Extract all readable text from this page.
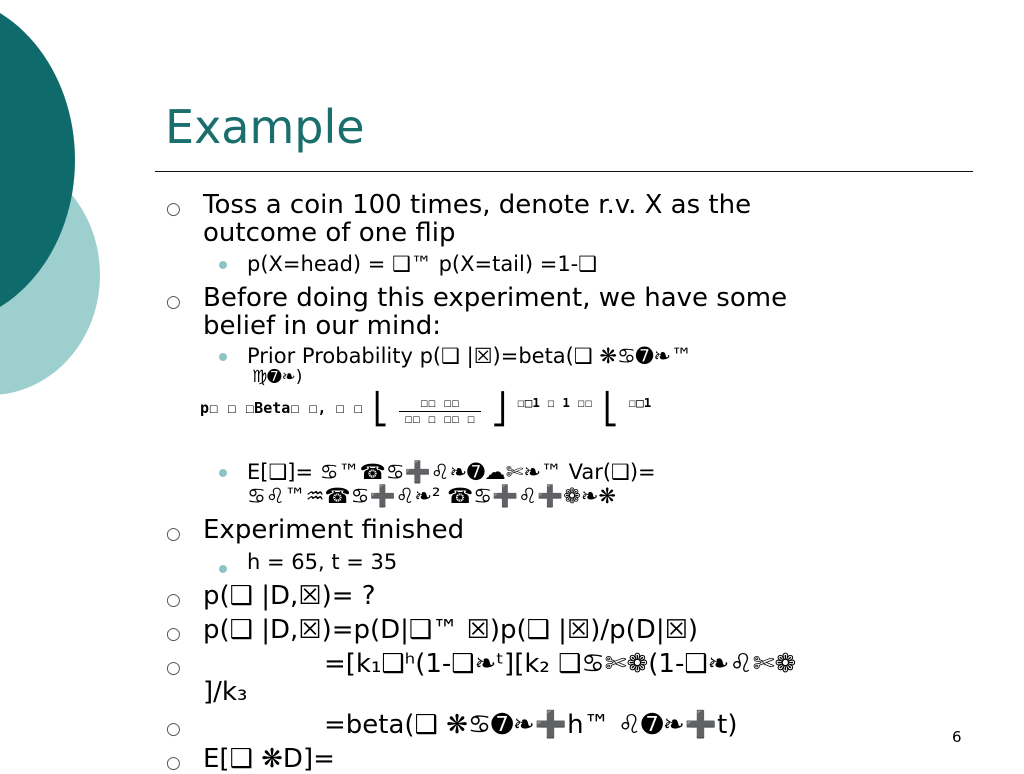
Example
○ Toss a coin 100 times, denote r.v. X as the
outcome of one flip
p(X=head) = ❑™ p(X=tail) =1-❑
○ Before doing this experiment, we have some
belief in our mind:
Prior Probability p(❑ |☒)=beta(❑ ❋♋➐❧™
♍➐❧)
p☐ ☐ ☐Beta☐ ☐, ☐ ☐ ⎣	☐☐ ☐☐
☐☐ ☐ ☐☐ ☐ ⎦ $^{☐□1 ☐ 1 ☐☐}$ ⎣ $^{☐□1}$
E[❑]= ♋™☎♋➕♌❧➐☁✄❧™ Var(❑)=
♋♌™♒☎♋➕♌❧² ☎♋➕♌➕❁❧❋
○ Experiment finished
h = 65, t = 35
○ p(❑ |D,☒)= ?
○ p(❑ |D,☒)=p(D|❑™ ☒)p(❑ |☒)/p(D|☒)
○	=[k₁❑ʰ(1-❑❧ᵗ][k₂ ❑♋✄❁(1-❑❧♌✄❁
]/k₃
○	=beta(❑ ❋♋➐❧➕h™ ♌➐❧➕t)
○ E[❑ ❋D]=
6
